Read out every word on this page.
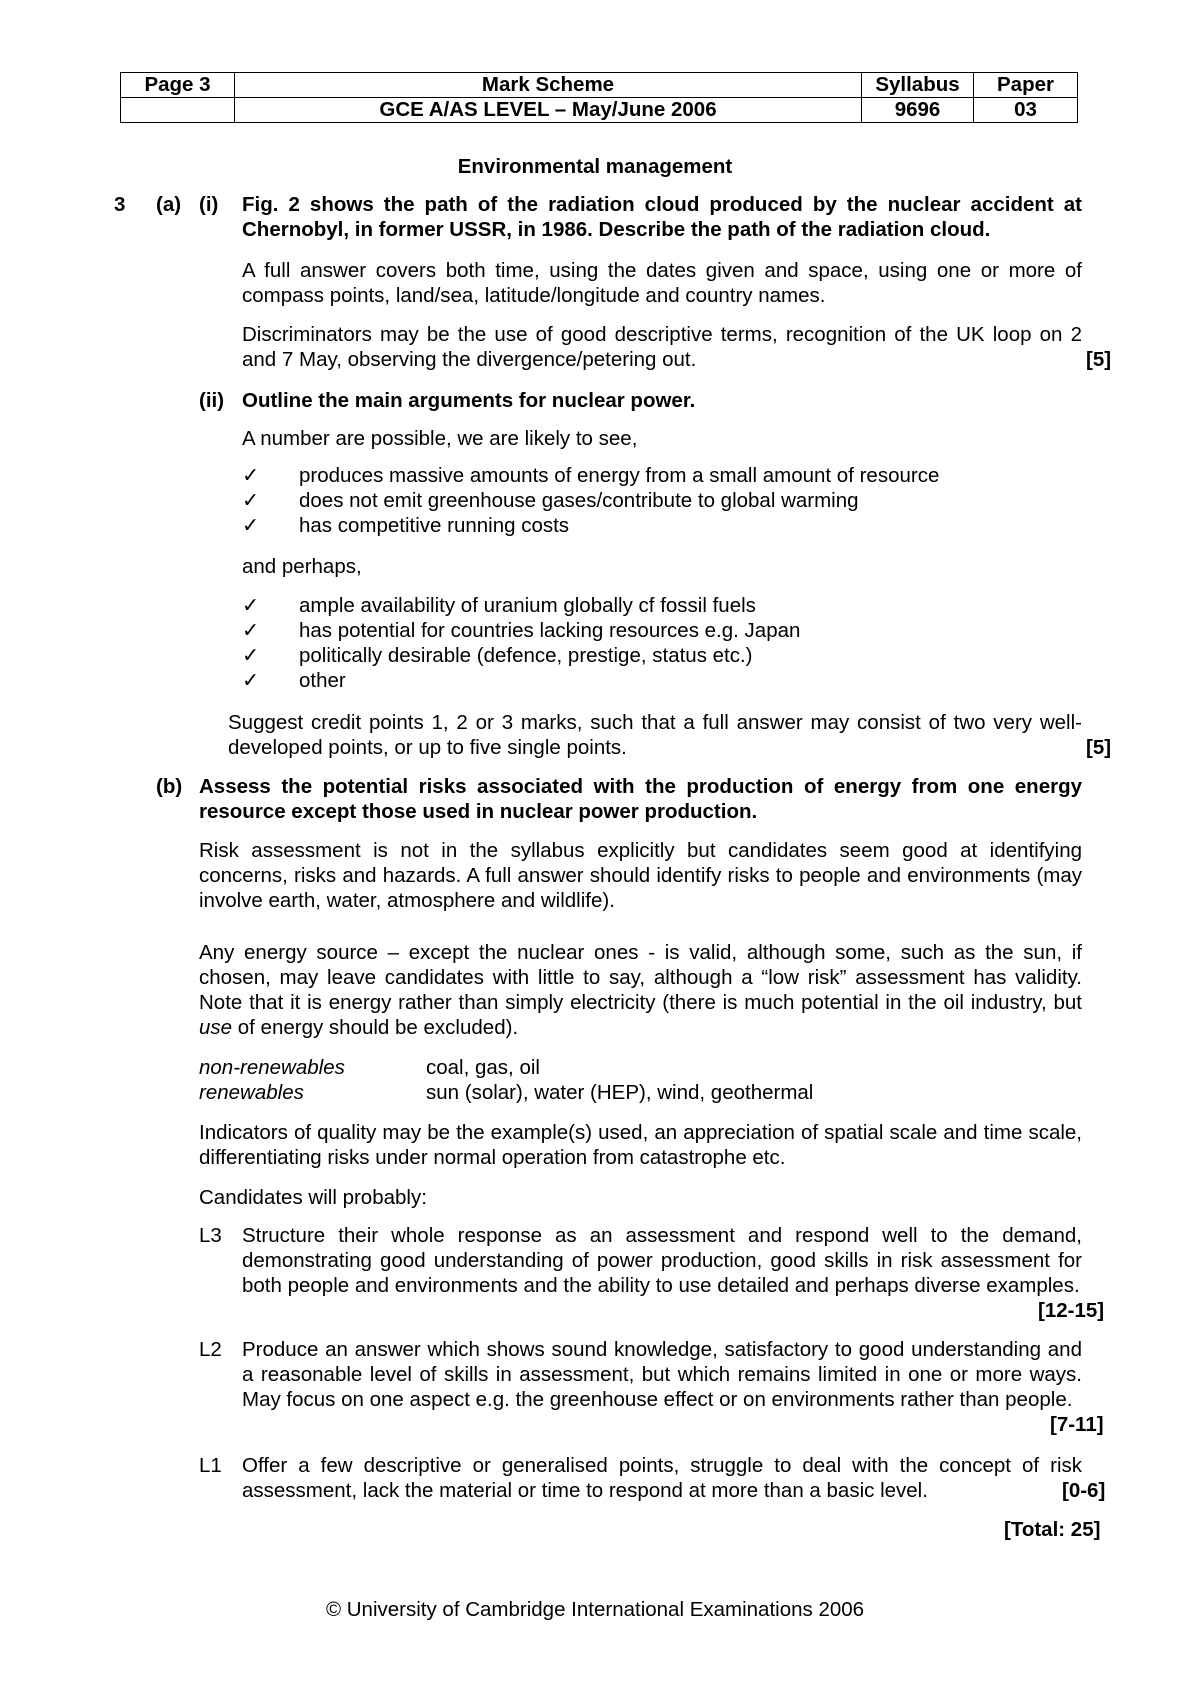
Page 3	Mark Scheme	Syllabus	Paper
	GCE A/AS LEVEL – May/June 2006	9696	03
Environmental management
3 (a) (i) Fig. 2 shows the path of the radiation cloud produced by the nuclear accident at Chernobyl, in former USSR, in 1986. Describe the path of the radiation cloud.
A full answer covers both time, using the dates given and space, using one or more of compass points, land/sea, latitude/longitude and country names.
Discriminators may be the use of good descriptive terms, recognition of the UK loop on 2 and 7 May, observing the divergence/petering out.	[5]
(ii) Outline the main arguments for nuclear power.
A number are possible, we are likely to see,
✓ produces massive amounts of energy from a small amount of resource
✓ does not emit greenhouse gases/contribute to global warming
✓ has competitive running costs
and perhaps,
✓ ample availability of uranium globally cf fossil fuels
✓ has potential for countries lacking resources e.g. Japan
✓ politically desirable (defence, prestige, status etc.)
✓ other
Suggest credit points 1, 2 or 3 marks, such that a full answer may consist of two very well-developed points, or up to five single points.	[5]
(b) Assess the potential risks associated with the production of energy from one energy resource except those used in nuclear power production.
Risk assessment is not in the syllabus explicitly but candidates seem good at identifying concerns, risks and hazards. A full answer should identify risks to people and environments (may involve earth, water, atmosphere and wildlife).
Any energy source – except the nuclear ones - is valid, although some, such as the sun, if chosen, may leave candidates with little to say, although a “low risk” assessment has validity. Note that it is energy rather than simply electricity (there is much potential in the oil industry, but use of energy should be excluded).
non-renewables	coal, gas, oil
renewables	sun (solar), water (HEP), wind, geothermal
Indicators of quality may be the example(s) used, an appreciation of spatial scale and time scale, differentiating risks under normal operation from catastrophe etc.
Candidates will probably:
L3 Structure their whole response as an assessment and respond well to the demand, demonstrating good understanding of power production, good skills in risk assessment for both people and environments and the ability to use detailed and perhaps diverse examples.
[12-15]
L2 Produce an answer which shows sound knowledge, satisfactory to good understanding and a reasonable level of skills in assessment, but which remains limited in one or more ways. May focus on one aspect e.g. the greenhouse effect or on environments rather than people.
[7-11]
L1 Offer a few descriptive or generalised points, struggle to deal with the concept of risk assessment, lack the material or time to respond at more than a basic level.	[0-6]
[Total: 25]
© University of Cambridge International Examinations 2006
